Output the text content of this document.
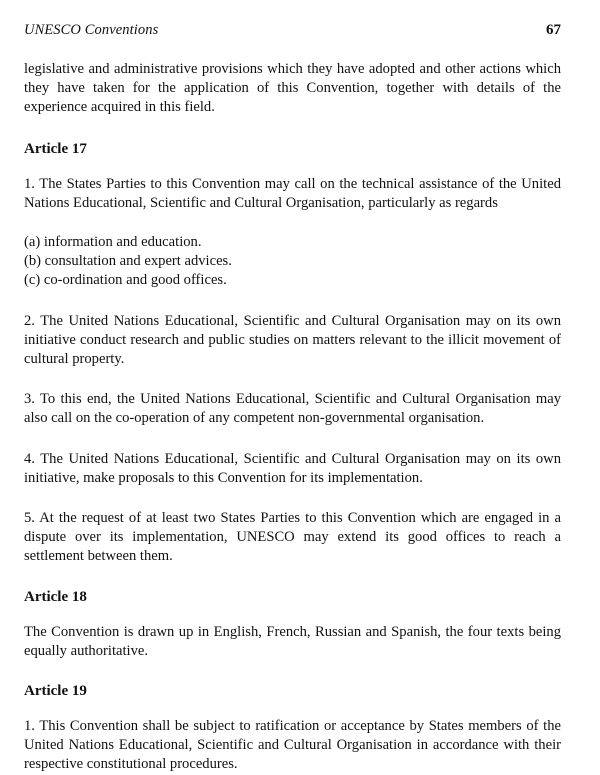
UNESCO Conventions	67

legislative and administrative provisions which they have adopted and other actions which they have taken for the application of this Convention, together with details of the experience acquired in this field.

Article 17

1. The States Parties to this Convention may call on the technical assistance of the United Nations Educational, Scientific and Cultural Organisation, particularly as regards

(a) information and education.
(b) consultation and expert advices.
(c) co-ordination and good offices.

2. The United Nations Educational, Scientific and Cultural Organisation may on its own initiative conduct research and public studies on matters relevant to the illicit movement of cultural property.

3. To this end, the United Nations Educational, Scientific and Cultural Organisation may also call on the co-operation of any competent non-governmental organisation.

4. The United Nations Educational, Scientific and Cultural Organisation may on its own initiative, make proposals to this Convention for its implementation.

5. At the request of at least two States Parties to this Convention which are engaged in a dispute over its implementation, UNESCO may extend its good offices to reach a settlement between them.

Article 18

The Convention is drawn up in English, French, Russian and Spanish, the four texts being equally authoritative.

Article 19

1. This Convention shall be subject to ratification or acceptance by States members of the United Nations Educational, Scientific and Cultural Organisation in accordance with their respective constitutional procedures.
